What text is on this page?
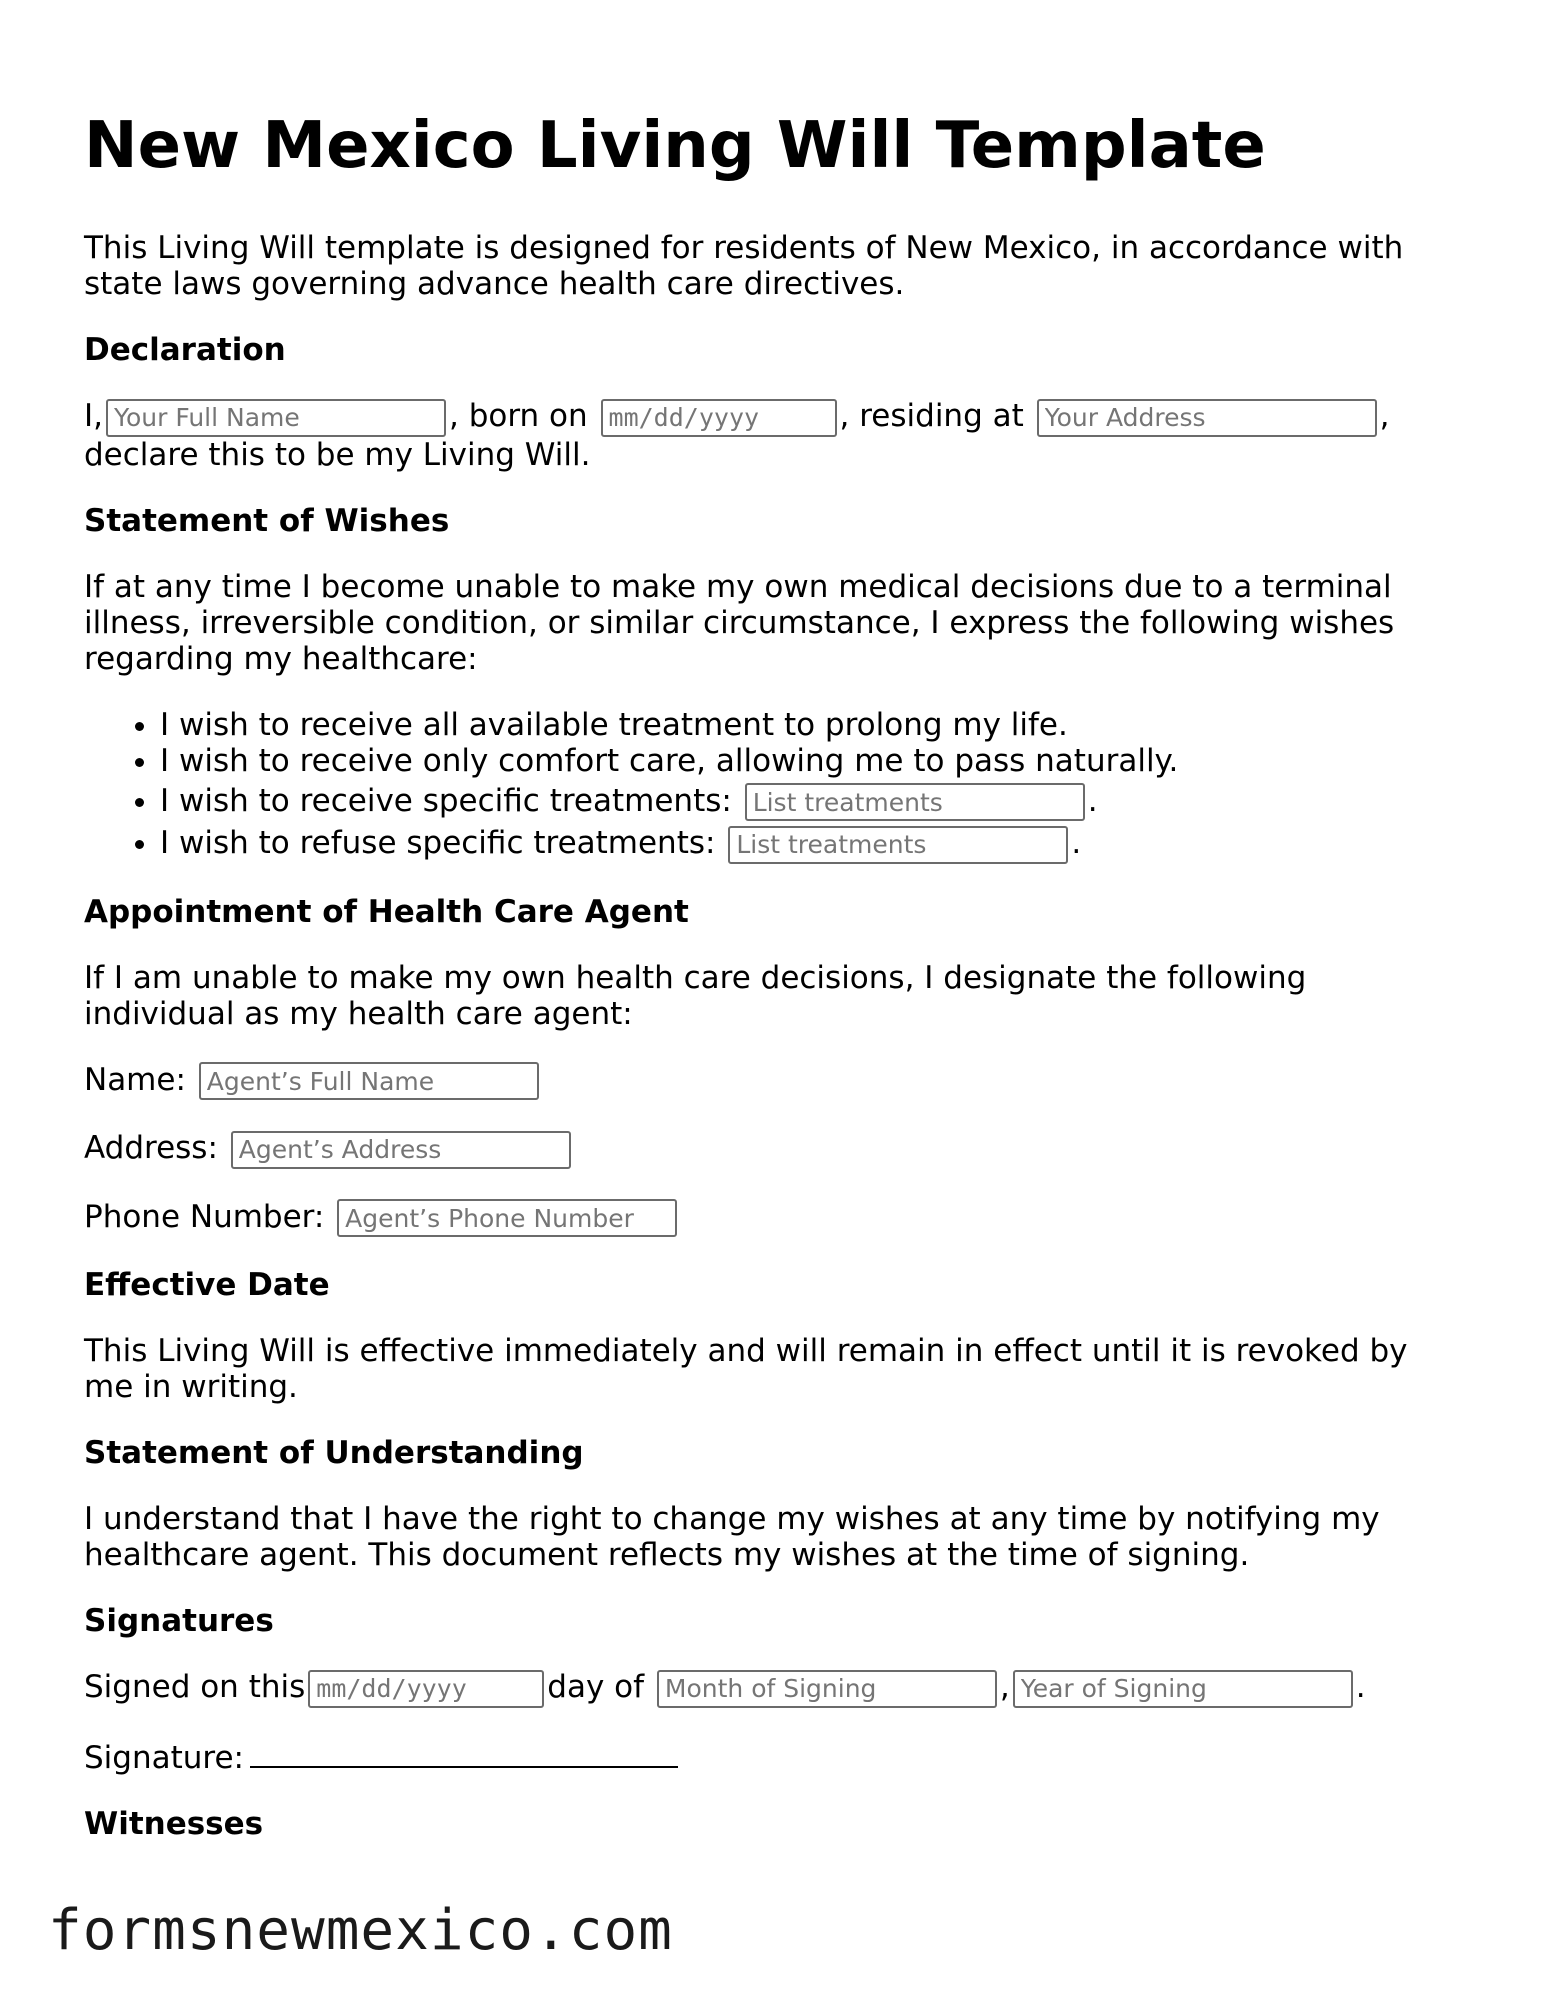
New Mexico Living Will Template

This Living Will template is designed for residents of New Mexico, in accordance with state laws governing advance health care directives.

Declaration

I,Your Full Name	, born on mm/dd/yyyy	, residing at Your Address	, declare this to be my Living Will.

Statement of Wishes

If at any time I become unable to make my own medical decisions due to a terminal illness, irreversible condition, or similar circumstance, I express the following wishes regarding my healthcare:

• I wish to receive all available treatment to prolong my life.
• I wish to receive only comfort care, allowing me to pass naturally.
• I wish to receive specific treatments: List treatments	.
• I wish to refuse specific treatments: List treatments	.
Appointment of Health Care Agent

If I am unable to make my own health care decisions, I designate the following individual as my health care agent:

Name: Agent’s Full Name

Address: Agent’s Address

Phone Number: Agent’s Phone Number

Effective Date

This Living Will is effective immediately and will remain in effect until it is revoked by me in writing.

Statement of Understanding

I understand that I have the right to change my wishes at any time by notifying my healthcare agent. This document reflects my wishes at the time of signing.

Signatures

Signed on thismm/dd/yyyy	day of Month of Signing	,Year of Signing	.

Signature:

Witnesses
formsnewmexico.com
